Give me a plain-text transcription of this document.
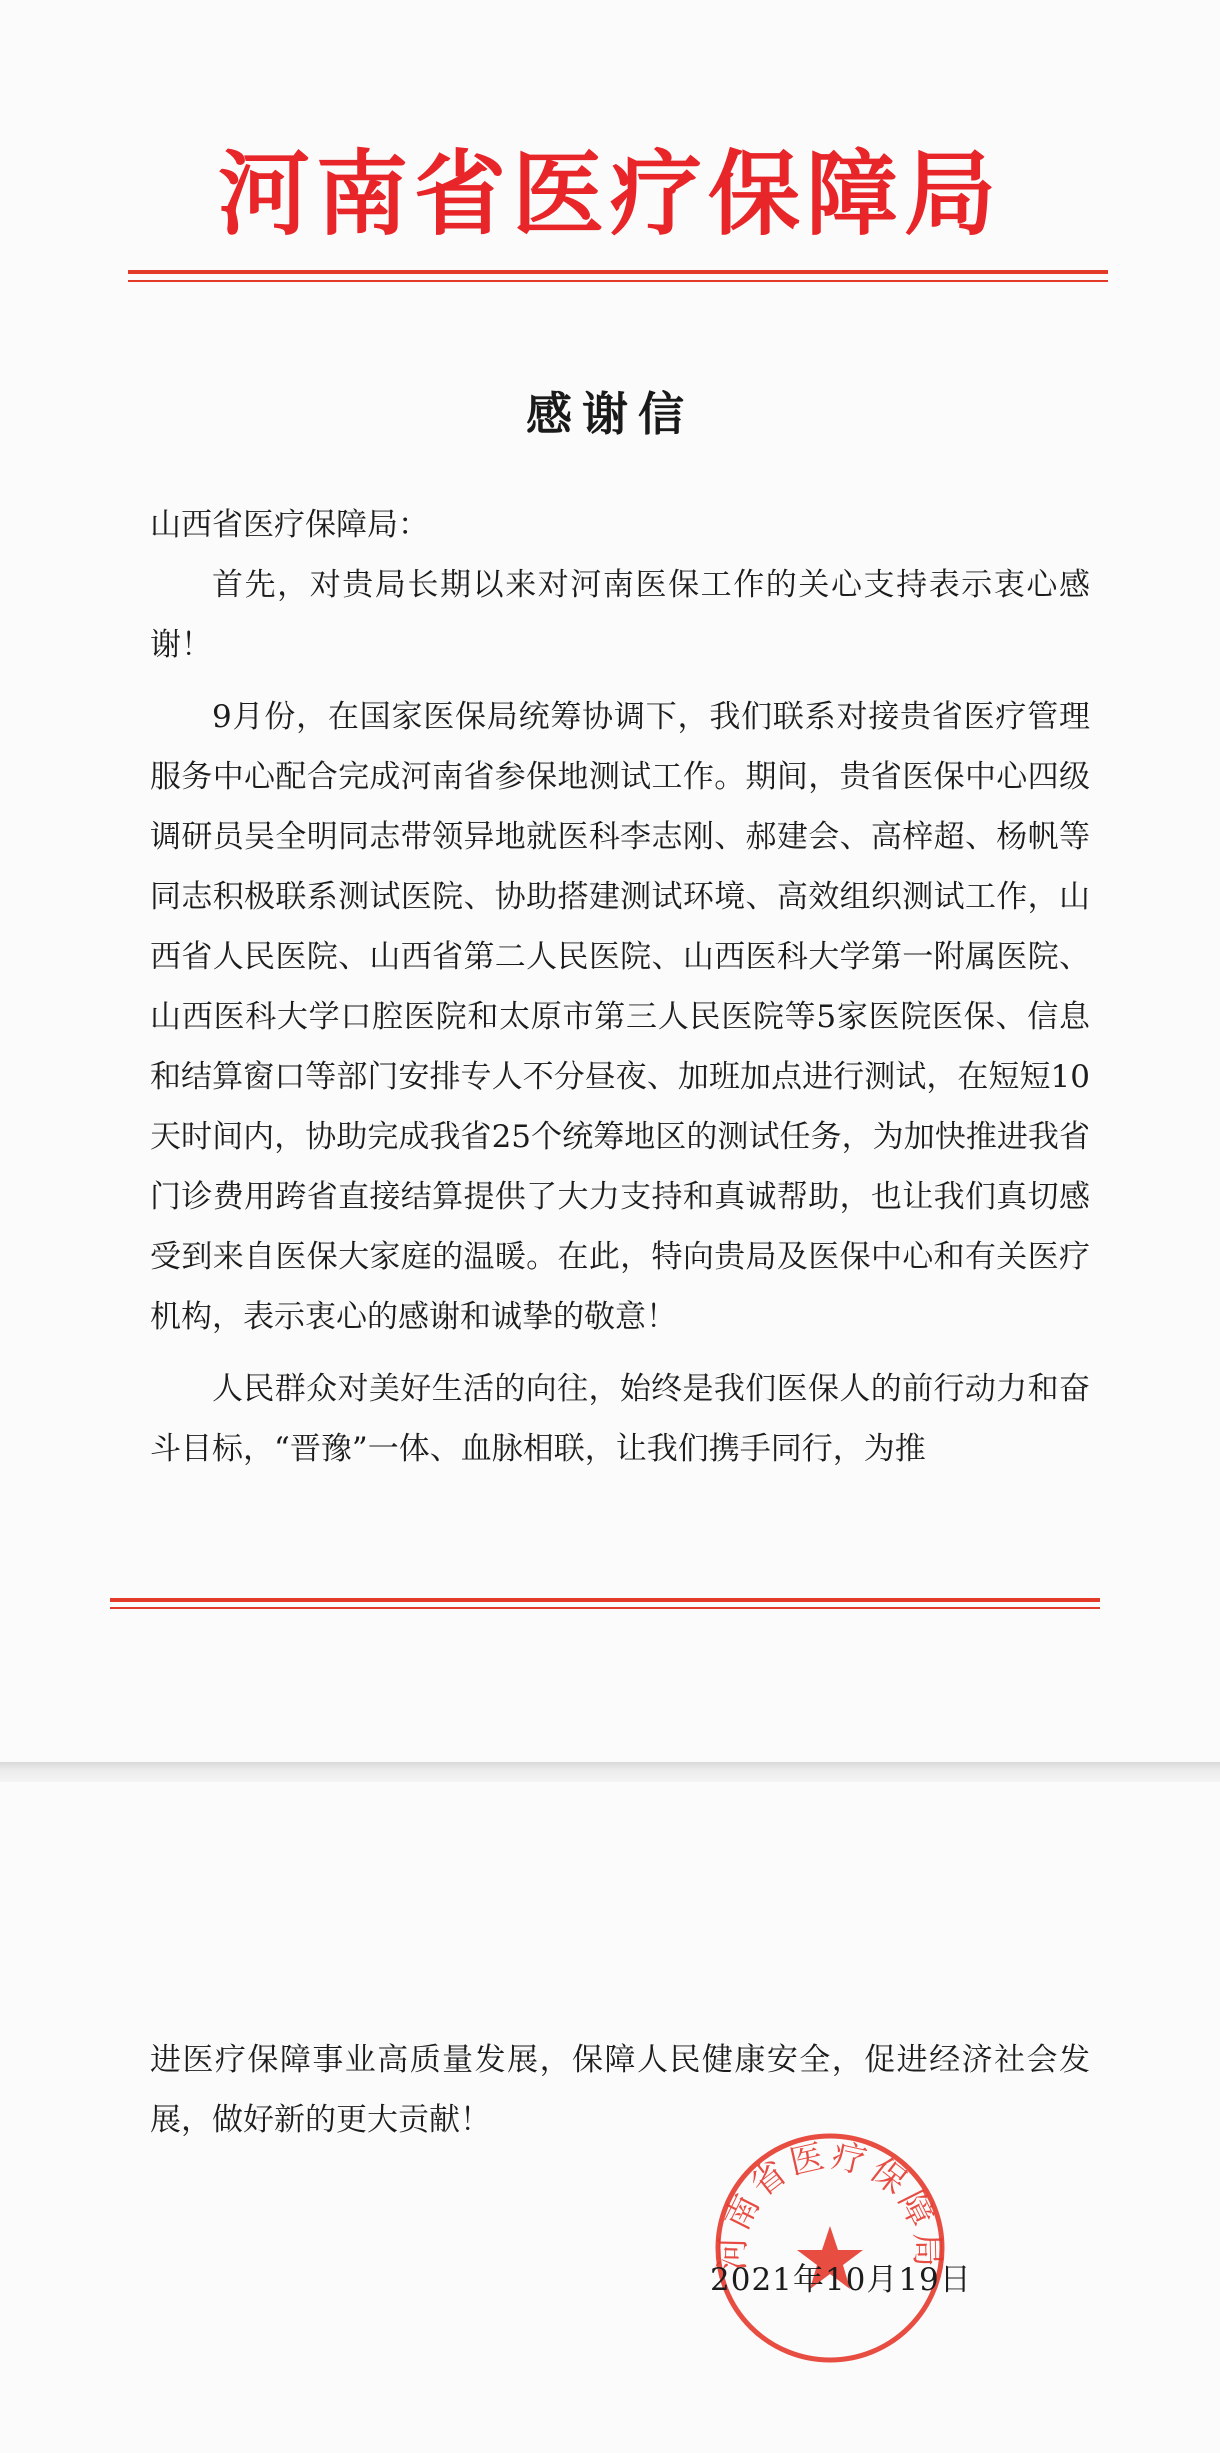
河南省医疗保障局
感谢信
山西省医疗保障局：

首先，对贵局长期以来对河南医保工作的关心支持表示衷心感谢！

9月份，在国家医保局统筹协调下，我们联系对接贵省医疗管理服务中心配合完成河南省参保地测试工作。期间，贵省医保中心四级调研员吴全明同志带领异地就医科李志刚、郝建会、高梓超、杨帆等同志积极联系测试医院、协助搭建测试环境、高效组织测试工作，山西省人民医院、山西省第二人民医院、山西医科大学第一附属医院、山西医科大学口腔医院和太原市第三人民医院等5家医院医保、信息和结算窗口等部门安排专人不分昼夜、加班加点进行测试，在短短10天时间内，协助完成我省25个统筹地区的测试任务，为加快推进我省门诊费用跨省直接结算提供了大力支持和真诚帮助，也让我们真切感受到来自医保大家庭的温暖。在此，特向贵局及医保中心和有关医疗机构，表示衷心的感谢和诚挚的敬意！

人民群众对美好生活的向往，始终是我们医保人的前行动力和奋斗目标，“晋豫”一体、血脉相联，让我们携手同行，为推

进医疗保障事业高质量发展，保障人民健康安全，促进经济社会发展，做好新的更大贡献！
河南省医疗保障局
2021年10月19日
